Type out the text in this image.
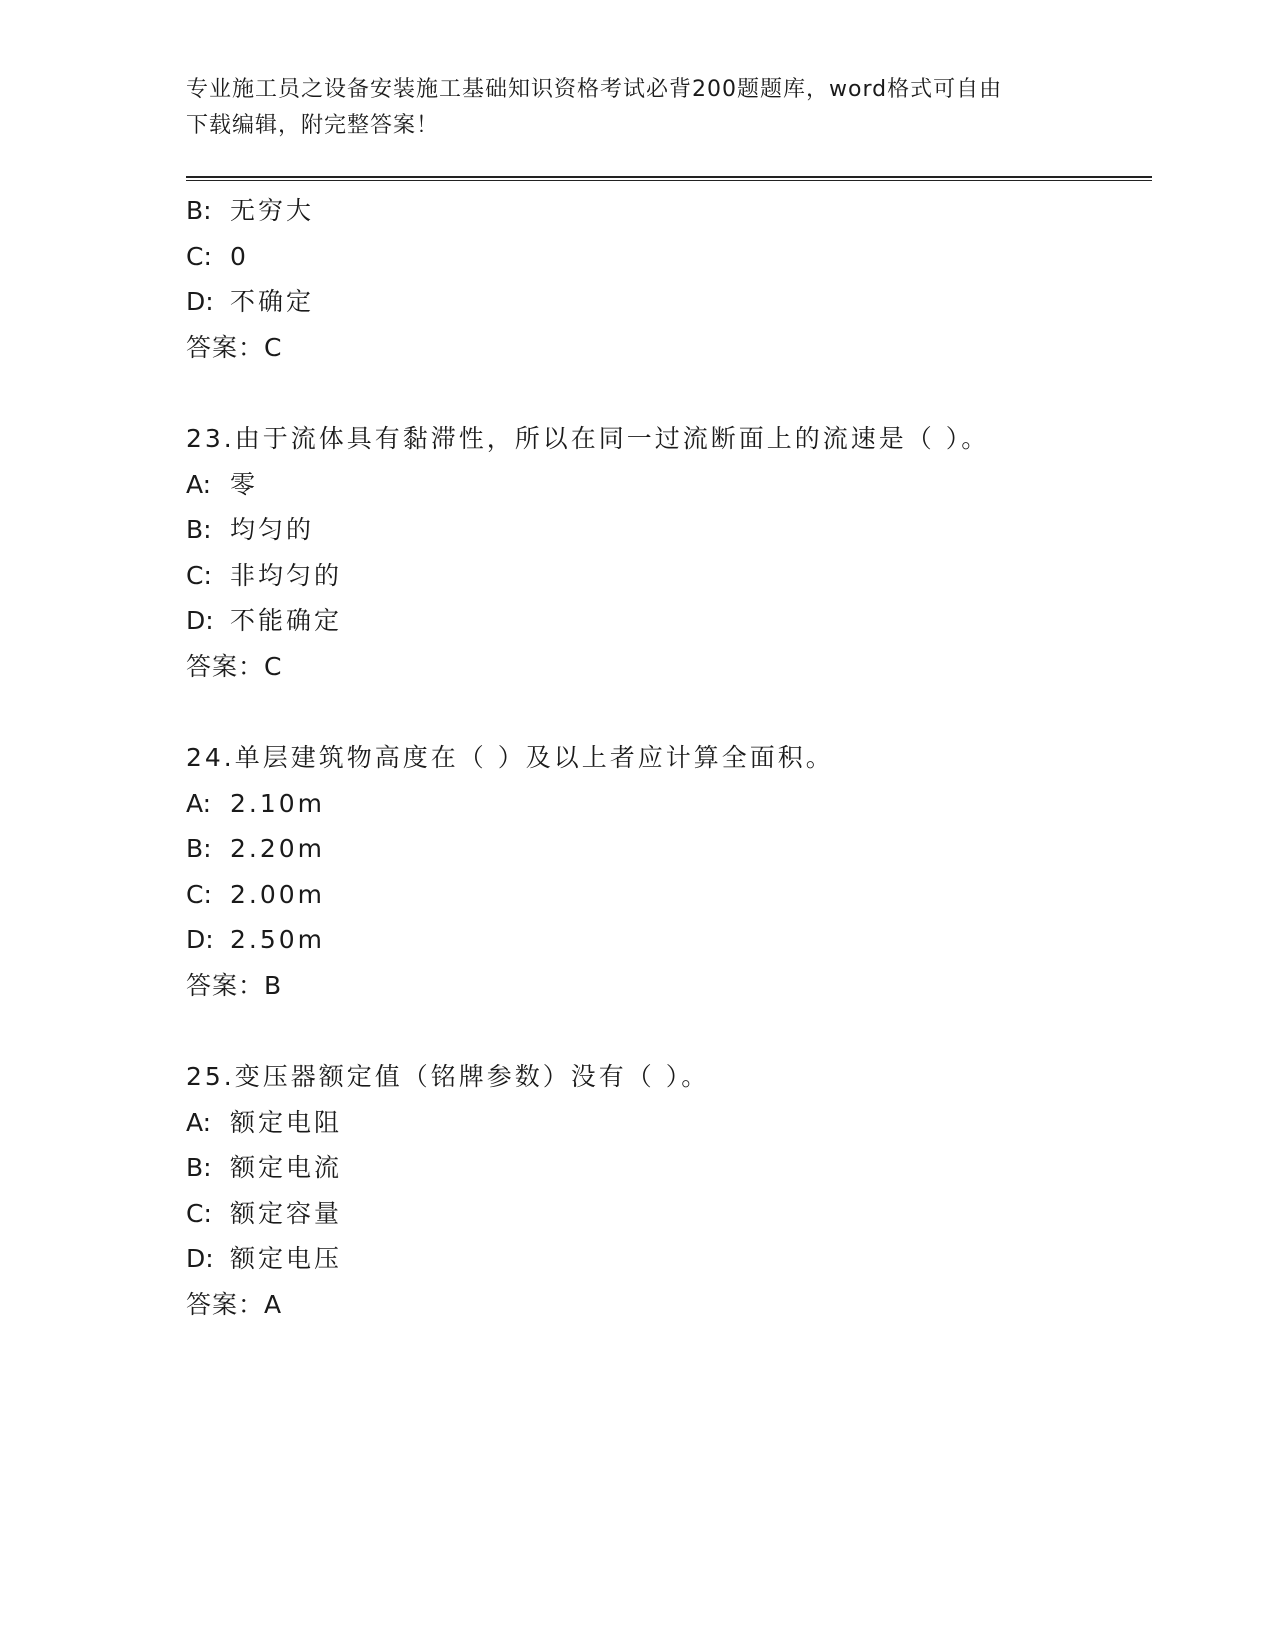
专业施工员之设备安装施工基础知识资格考试必背200题题库，word格式可自由
下载编辑，附完整答案！
B: 无穷大
C: 0
D: 不确定
答案：C
23.由于流体具有黏滞性，所以在同一过流断面上的流速是（ ）。
A: 零
B: 均匀的
C: 非均匀的
D: 不能确定
答案：C
24.单层建筑物高度在（ ）及以上者应计算全面积。
A: 2.10m
B: 2.20m
C: 2.00m
D: 2.50m
答案：B
25.变压器额定值（铭牌参数）没有（ ）。
A: 额定电阻
B: 额定电流
C: 额定容量
D: 额定电压
答案：A
